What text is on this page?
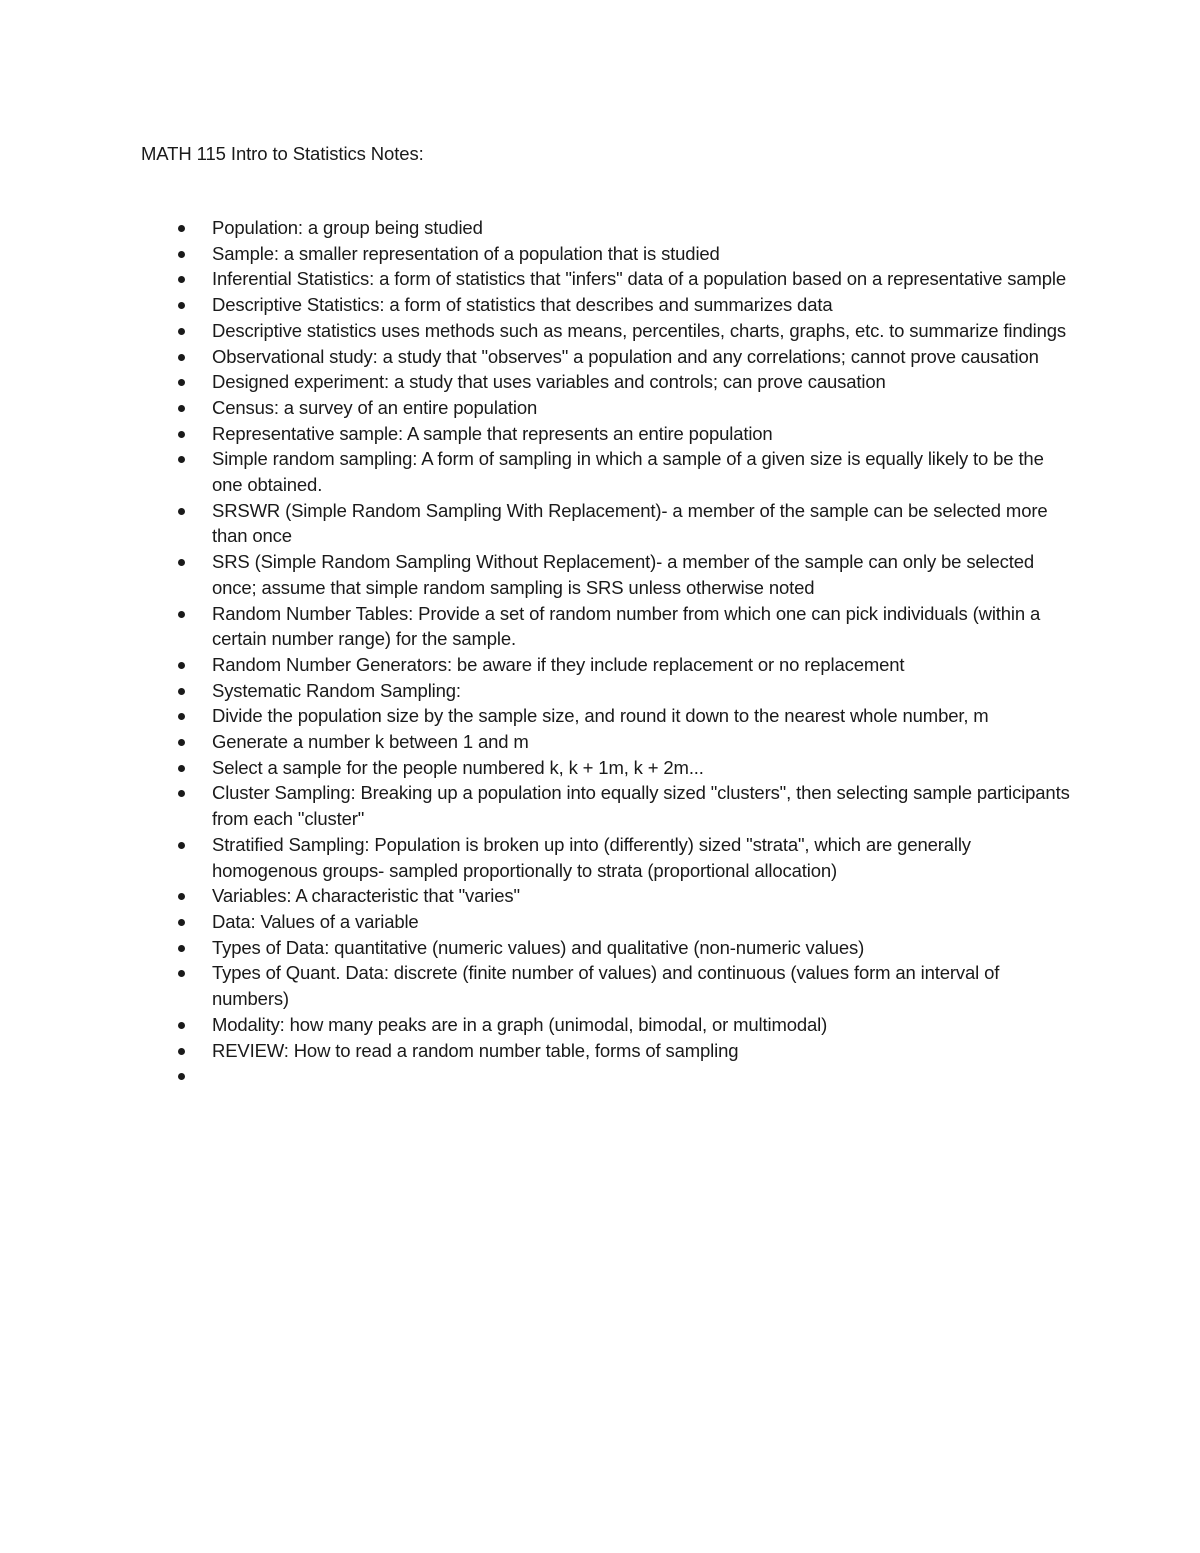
MATH 115 Intro to Statistics Notes:
Population: a group being studied
Sample: a smaller representation of a population that is studied
Inferential Statistics: a form of statistics that "infers" data of a population based on a representative sample
Descriptive Statistics: a form of statistics that describes and summarizes data
Descriptive statistics uses methods such as means, percentiles, charts, graphs, etc. to summarize findings
Observational study: a study that "observes" a population and any correlations; cannot prove causation
Designed experiment: a study that uses variables and controls; can prove causation
Census: a survey of an entire population
Representative sample: A sample that represents an entire population
Simple random sampling: A form of sampling in which a sample of a given size is equally likely to be the one obtained.
SRSWR (Simple Random Sampling With Replacement)- a member of the sample can be selected more than once
SRS (Simple Random Sampling Without Replacement)- a member of the sample can only be selected once; assume that simple random sampling is SRS unless otherwise noted
Random Number Tables: Provide a set of random number from which one can pick individuals (within a certain number range) for the sample.
Random Number Generators: be aware if they include replacement or no replacement
Systematic Random Sampling:
Divide the population size by the sample size, and round it down to the nearest whole number, m
Generate a number k between 1 and m
Select a sample for the people numbered k, k + 1m, k + 2m...
Cluster Sampling: Breaking up a population into equally sized "clusters", then selecting sample participants from each "cluster"
Stratified Sampling: Population is broken up into (differently) sized "strata", which are generally homogenous groups- sampled proportionally to strata (proportional allocation)
Variables: A characteristic that "varies"
Data: Values of a variable
Types of Data: quantitative (numeric values) and qualitative (non-numeric values)
Types of Quant. Data: discrete (finite number of values) and continuous (values form an interval of numbers)
Modality: how many peaks are in a graph (unimodal, bimodal, or multimodal)
REVIEW: How to read a random number table, forms of sampling
